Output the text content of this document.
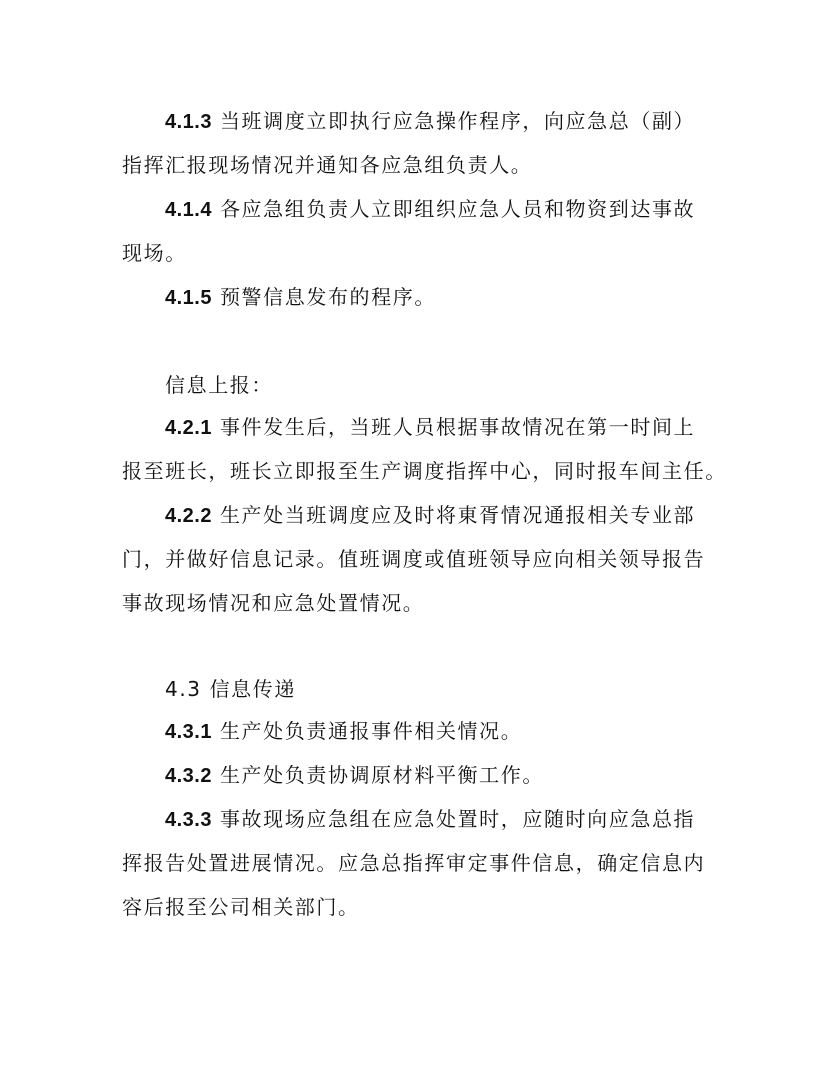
4.1.3 当班调度立即执行应急操作程序，向应急总（副）
指挥汇报现场情况并通知各应急组负责人。
4.1.4 各应急组负责人立即组织应急人员和物资到达事故
现场。
4.1.5 预警信息发布的程序。
信息上报：
4.2.1 事件发生后，当班人员根据事故情况在第一时间上
报至班长，班长立即报至生产调度指挥中心，同时报车间主任。
4.2.2 生产处当班调度应及时将東胥情况通报相关专业部
门，并做好信息记录。值班调度或值班领导应向相关领导报告
事故现场情况和应急处置情况。
4.3 信息传递
4.3.1 生产处负责通报事件相关情况。
4.3.2 生产处负责协调原材料平衡工作。
4.3.3 事故现场应急组在应急处置时，应随时向应急总指
挥报告处置进展情况。应急总指挥审定事件信息，确定信息内
容后报至公司相关部门。
